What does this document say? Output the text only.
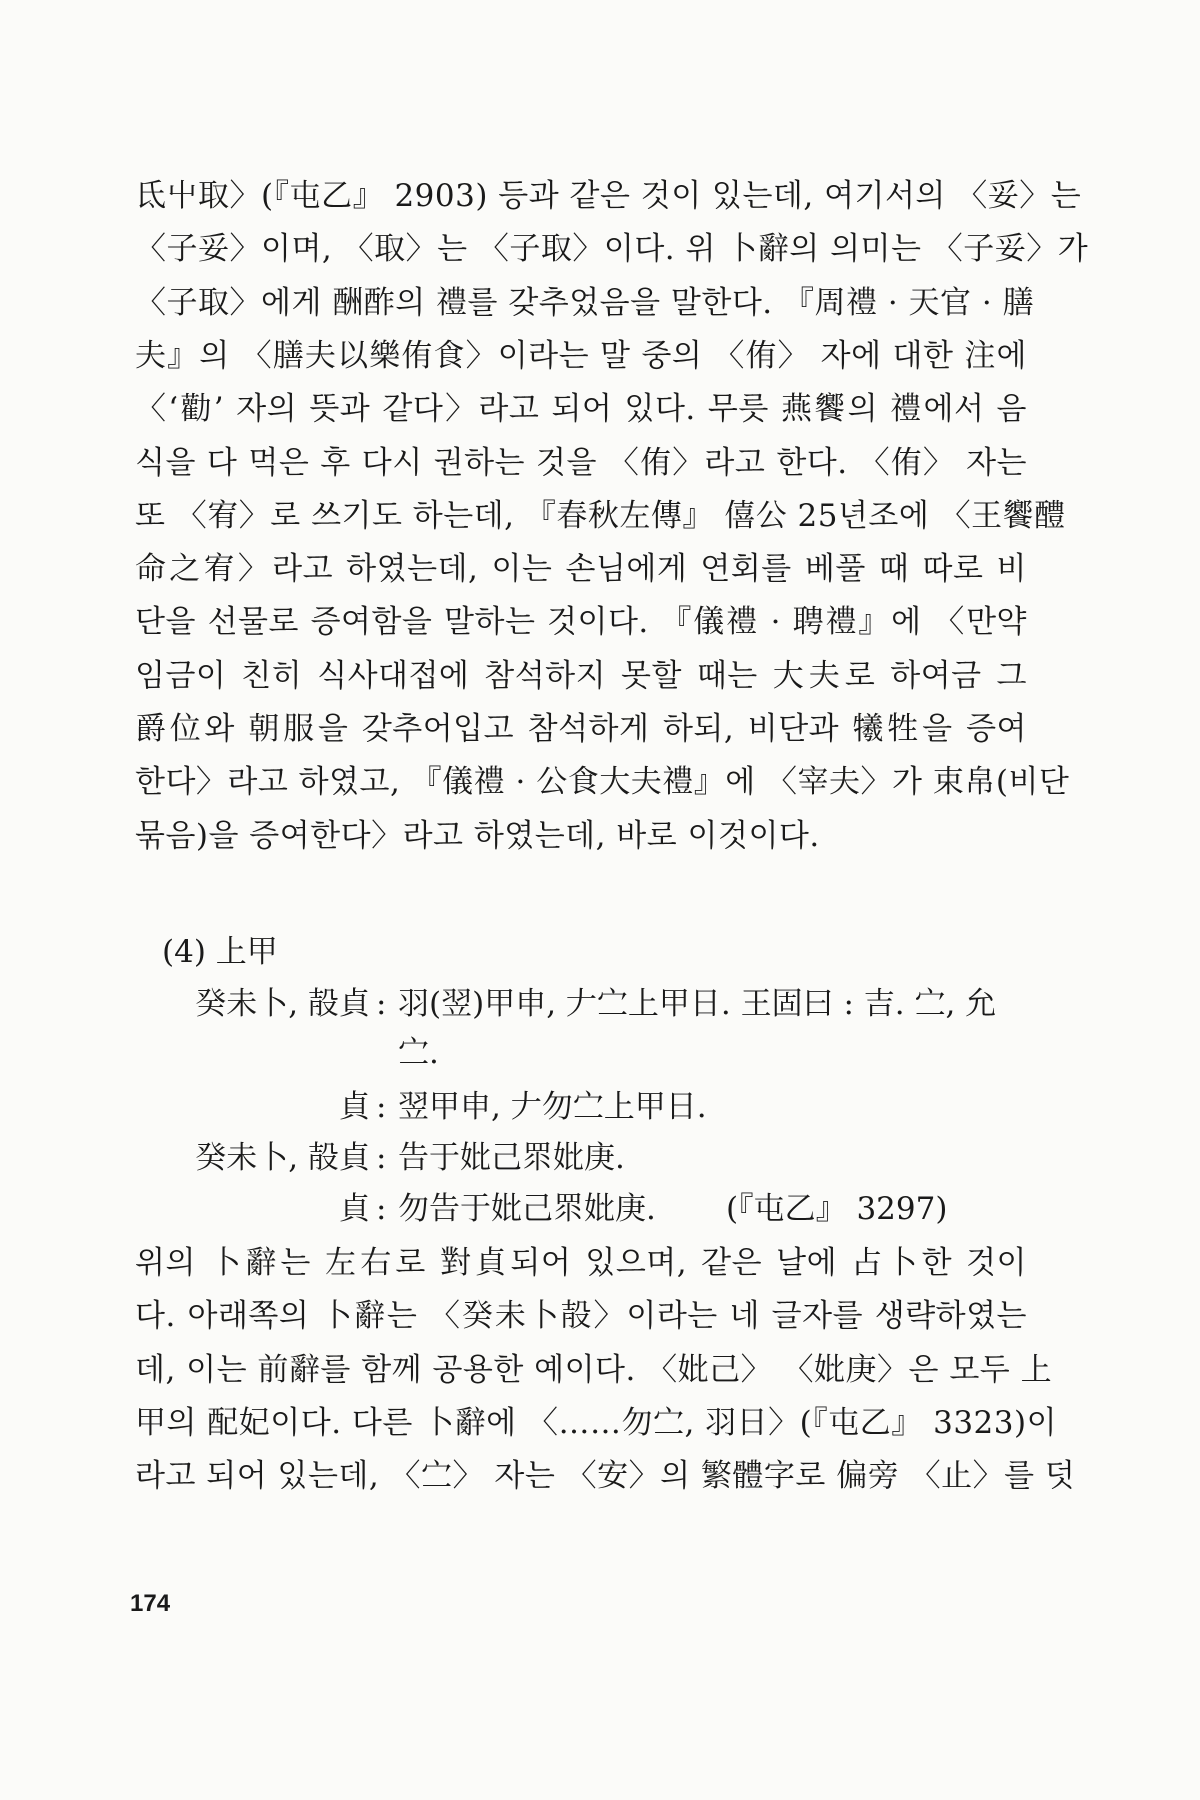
氐屮取〉(『屯乙』 2903) 등과 같은 것이 있는데, 여기서의 〈妥〉는
〈子妥〉이며, 〈取〉는 〈子取〉이다. 위 卜辭의 의미는 〈子妥〉가
〈子取〉에게 酬酢의 禮를 갖추었음을 말한다. 『周禮 · 天官 · 膳
夫』의 〈膳夫以樂侑食〉이라는 말 중의 〈侑〉 자에 대한 注에
〈‘勸’ 자의 뜻과 같다〉라고 되어 있다. 무릇 燕饗의 禮에서 음
식을 다 먹은 후 다시 권하는 것을 〈侑〉라고 한다. 〈侑〉 자는
또 〈宥〉로 쓰기도 하는데, 『春秋左傳』 僖公 25년조에 〈王饗醴
命之宥〉라고 하였는데, 이는 손님에게 연회를 베풀 때 따로 비
단을 선물로 증여함을 말하는 것이다. 『儀禮 · 聘禮』에 〈만약
임금이 친히 식사대접에 참석하지 못할 때는 大夫로 하여금 그
爵位와 朝服을 갖추어입고 참석하게 하되, 비단과 犧牲을 증여
한다〉라고 하였고, 『儀禮 · 公食大夫禮』에 〈宰夫〉가 束帛(비단
묶음)을 증여한다〉라고 하였는데, 바로 이것이다.
(4) 上甲
癸未卜, 㱿貞 : 羽(翌)甲申, 𠂇㝉上甲日. 王固曰 : 吉. 㝉, 允
㝉.
貞 : 翌甲申, 𠂇勿㝉上甲日.
癸未卜, 㱿貞 : 告于妣己眔妣庚.
貞 : 勿告于妣己眔妣庚. (『屯乙』 3297)
위의 卜辭는 左右로 對貞되어 있으며, 같은 날에 占卜한 것이
다. 아래쪽의 卜辭는 〈癸未卜㱿〉이라는 네 글자를 생략하였는
데, 이는 前辭를 함께 공용한 예이다. 〈妣己〉 〈妣庚〉은 모두 上
甲의 配妃이다. 다른 卜辭에 〈……勿㝉, 羽日〉(『屯乙』 3323)이
라고 되어 있는데, 〈㝉〉 자는 〈安〉의 繁體字로 偏旁 〈止〉를 덧
174
